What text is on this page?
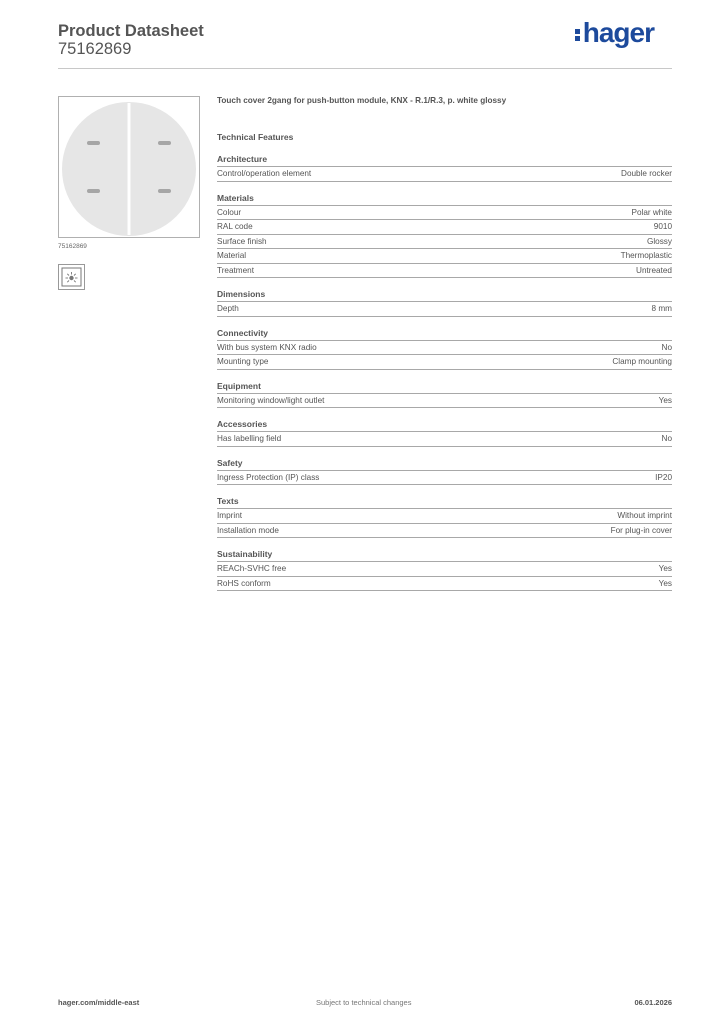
Product Datasheet
75162869
hager
75162869
Touch cover 2gang for push-button module, KNX - R.1/R.3, p. white glossy
Technical Features
Architecture
Control/operation element	Double rocker
Materials
Colour	Polar white
RAL code	9010
Surface finish	Glossy
Material	Thermoplastic
Treatment	Untreated
Dimensions
Depth	8 mm
Connectivity
With bus system KNX radio	No
Mounting type	Clamp mounting
Equipment
Monitoring window/light outlet	Yes
Accessories
Has labelling field	No
Safety
Ingress Protection (IP) class	IP20
Texts
Imprint	Without imprint
Installation mode	For plug-in cover
Sustainability
REACh-SVHC free	Yes
RoHS conform	Yes
hager.com/middle-east	Subject to technical changes	06.01.2026
